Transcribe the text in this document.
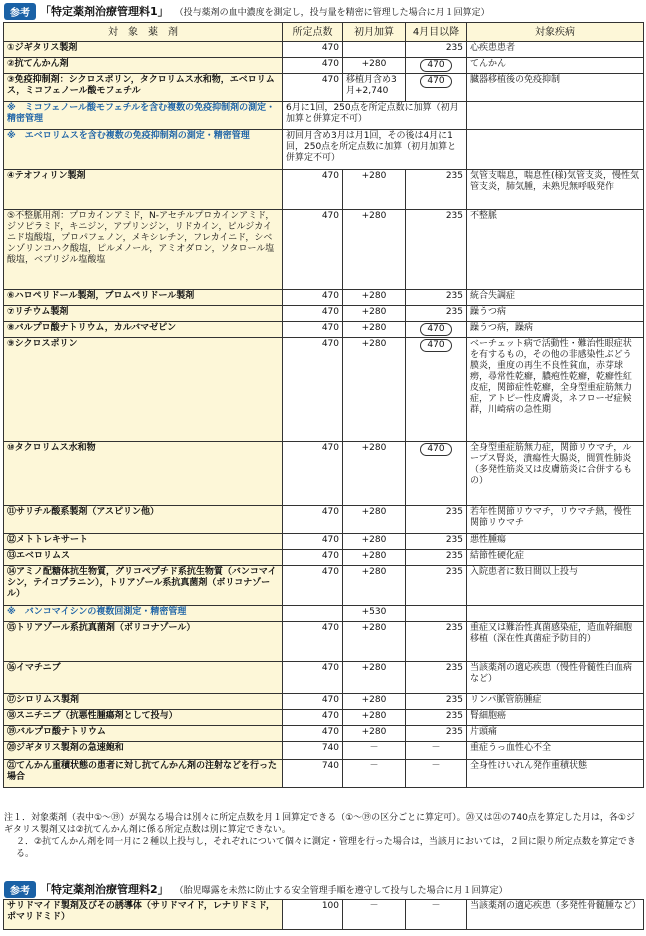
参考 「特定薬剤治療管理料1」 （投与薬剤の血中濃度を測定し，投与量を精密に管理した場合に月１回算定）
対　象　薬　剤	所定点数	初月加算	4月目以降	対象疾病
①ジギタリス製剤	470		235	心疾患患者
②抗てんかん剤	470	+280	470	てんかん
③免疫抑制剤：シクロスポリン，タクロリムス水和物，エベロリムス，ミコフェノール酸モフェチル	470	移植月含め3月+2,740	470	臓器移植後の免疫抑制
※　ミコフェノール酸モフェチルを含む複数の免疫抑制剤の測定・精密管理	6月に1回，250点を所定点数に加算（初月加算と併算定不可）			
※　エベロリムスを含む複数の免疫抑制剤の測定・精密管理	初回月含め3月は月1回，その後は4月に1回，250点を所定点数に加算（初月加算と併算定不可）			
④テオフィリン製剤	470	+280	235	気管支喘息，喘息性(様)気管支炎，慢性気管支炎，肺気腫，未熟児無呼吸発作
⑤不整脈用剤：プロカインアミド，N-アセチルプロカインアミド，ジソピラミド，キニジン，アプリンジン，リドカイン，ピルジカイニド塩酸塩，プロパフェノン，メキシレチン，フレカイニド，シベンゾリンコハク酸塩，ピルメノール，アミオダロン，ソタロール塩酸塩，ベプリジル塩酸塩	470	+280	235	不整脈
⑥ハロペリドール製剤，ブロムペリドール製剤	470	+280	235	統合失調症
⑦リチウム製剤	470	+280	235	躁うつ病
⑧バルプロ酸ナトリウム，カルバマゼピン	470	+280	470	躁うつ病，躁病
⑨シクロスポリン	470	+280	470	ベーチェット病で活動性・難治性眼症状を有するもの，その他の非感染性ぶどう膜炎，重度の再生不良性貧血，赤芽球癆，尋常性乾癬，膿疱性乾癬，乾癬性紅皮症，関節症性乾癬，全身型重症筋無力症，アトピー性皮膚炎，ネフローゼ症候群，川崎病の急性期
⑩タクロリムス水和物	470	+280	470	全身型重症筋無力症，関節リウマチ，ループス腎炎，潰瘍性大腸炎，間質性肺炎（多発性筋炎又は皮膚筋炎に合併するもの）
⑪サリチル酸系製剤（アスピリン他）	470	+280	235	若年性関節リウマチ，リウマチ熱，慢性関節リウマチ
⑫メトトレキサート	470	+280	235	悪性腫瘍
⑬エベロリムス	470	+280	235	結節性硬化症
⑭アミノ配糖体抗生物質，グリコペプチド系抗生物質（バンコマイシン，テイコプラニン），トリアゾール系抗真菌剤（ボリコナゾール）	470	+280	235	入院患者に数日間以上投与
※　バンコマイシンの複数回測定・精密管理		+530		
⑮トリアゾール系抗真菌剤（ボリコナゾール）	470	+280	235	重症又は難治性真菌感染症，造血幹細胞移植（深在性真菌症予防目的）
⑯イマチニブ	470	+280	235	当該薬剤の適応疾患（慢性骨髄性白血病など）
⑰シロリムス製剤	470	+280	235	リンパ脈管筋腫症
⑱スニチニブ（抗悪性腫瘍剤として投与）	470	+280	235	腎細胞癌
⑲バルプロ酸ナトリウム	470	+280	235	片頭痛
⑳ジギタリス製剤の急速飽和	740	－	－	重症うっ血性心不全
㉑てんかん重積状態の患者に対し抗てんかん剤の注射などを行った場合	740	－	－	全身性けいれん発作重積状態

注１．対象薬剤（表中①～⑲）が異なる場合は別々に所定点数を月１回算定できる（①～⑲の区分ごとに算定可）。⑳又は㉑の740点を算定した月は，各①ジギタリス製剤又は②抗てんかん剤に係る所定点数は別に算定できない。

２．②抗てんかん剤を同一月に２種以上投与し，それぞれについて個々に測定・管理を行った場合は，当該月においては，２回に限り所定点数を算定できる。

参考 「特定薬剤治療管理料2」 （胎児曝露を未然に防止する安全管理手順を遵守して投与した場合に月１回算定）
サリドマイド製剤及びその誘導体（サリドマイド，レナリドミド，ポマリドミド）	100	－	－	当該薬剤の適応疾患（多発性骨髄腫など）
